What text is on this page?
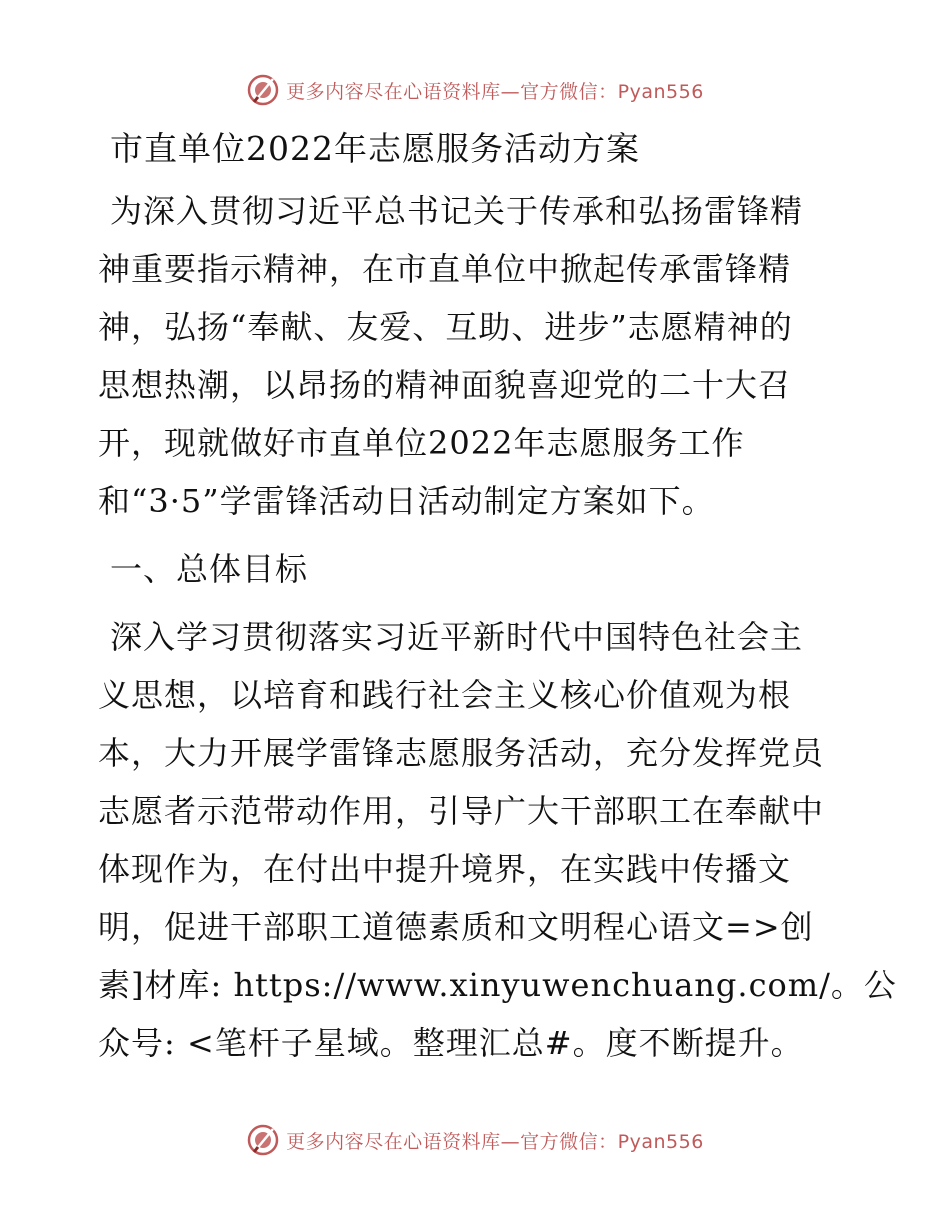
更多内容尽在心语资料库—官方微信：Pyan556
市直单位2022年志愿服务活动方案
为深入贯彻习近平总书记关于传承和弘扬雷锋精
神重要指示精神，在市直单位中掀起传承雷锋精
神，弘扬“奉献、友爱、互助、进步”志愿精神的
思想热潮，以昂扬的精神面貌喜迎党的二十大召
开，现就做好市直单位2022年志愿服务工作
和“3·5”学雷锋活动日活动制定方案如下。
一、总体目标
深入学习贯彻落实习近平新时代中国特色社会主
义思想，以培育和践行社会主义核心价值观为根
本，大力开展学雷锋志愿服务活动，充分发挥党员
志愿者示范带动作用，引导广大干部职工在奉献中
体现作为，在付出中提升境界，在实践中传播文
明，促进干部职工道德素质和文明程心语文=>创
素]材库: https://www.xinyuwenchuang.com/。公
众号: <笔杆子星域。整理汇总#。度不断提升。
更多内容尽在心语资料库—官方微信：Pyan556
